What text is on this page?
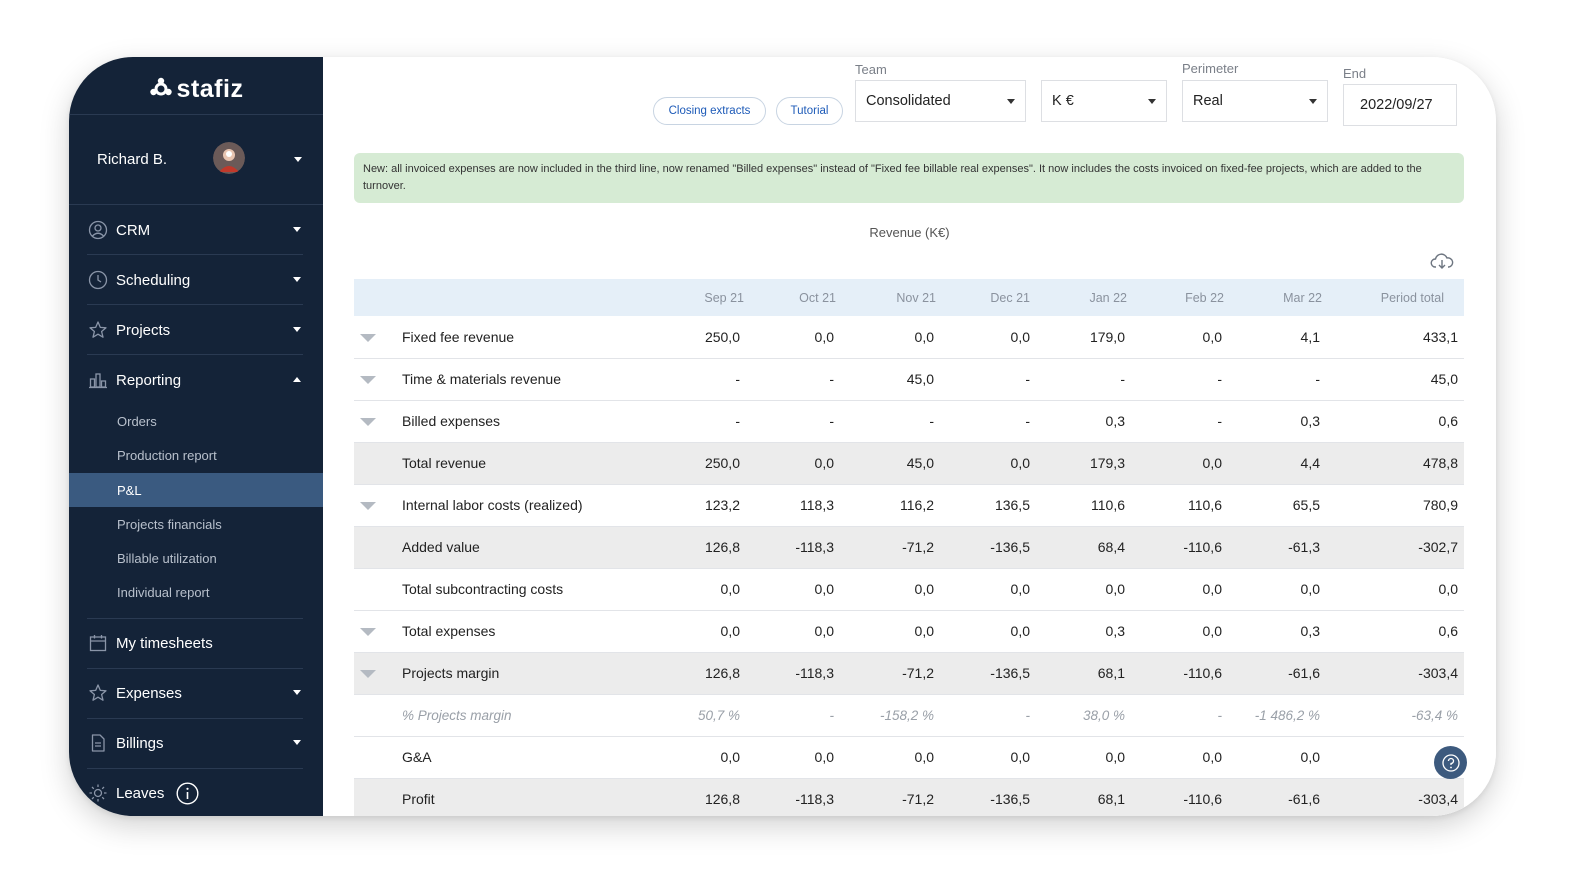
stafiz
Richard B.
CRM
Scheduling
Projects
Reporting
Orders
Production report
P&L
Projects financials
Billable utilization
Individual report
My timesheets
Expenses
Billings
Leaves
Closing extracts	Tutorial
Team
Consolidated	K €
Perimeter
Real
End
2022/09/27
New: all invoiced expenses are now included in the third line, now renamed "Billed expenses" instead of "Fixed fee billable real expenses". It now includes the costs invoiced on fixed-fee projects, which are added to the turnover.
Revenue (K€)
		Sep 21	Oct 21	Nov 21	Dec 21	Jan 22	Feb 22	Mar 22	Period total
	Fixed fee revenue	250,0	0,0	0,0	0,0	179,0	0,0	4,1	433,1
	Time & materials revenue	-	-	45,0	-	-	-	-	45,0
	Billed expenses	-	-	-	-	0,3	-	0,3	0,6
	Total revenue	250,0	0,0	45,0	0,0	179,3	0,0	4,4	478,8
	Internal labor costs (realized)	123,2	118,3	116,2	136,5	110,6	110,6	65,5	780,9
	Added value	126,8	-118,3	-71,2	-136,5	68,4	-110,6	-61,3	-302,7
	Total subcontracting costs	0,0	0,0	0,0	0,0	0,0	0,0	0,0	0,0
	Total expenses	0,0	0,0	0,0	0,0	0,3	0,0	0,3	0,6
	Projects margin	126,8	-118,3	-71,2	-136,5	68,1	-110,6	-61,6	-303,4
	% Projects margin	50,7 %	-	-158,2 %	-	38,0 %	-	-1 486,2 %	-63,4 %
	G&A	0,0	0,0	0,0	0,0	0,0	0,0	0,0	
	Profit	126,8	-118,3	-71,2	-136,5	68,1	-110,6	-61,6	-303,4
